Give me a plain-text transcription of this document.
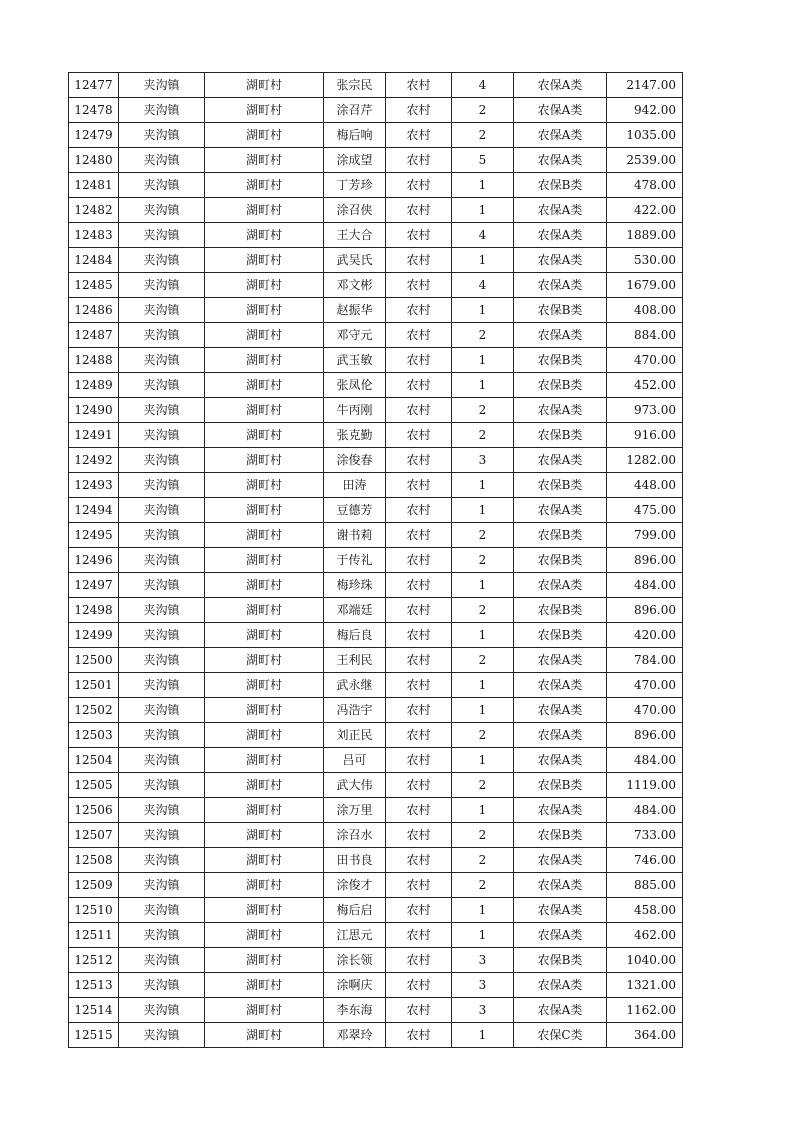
12477	夹沟镇	湖町村	张宗民	农村	4	农保A类	2147.00
12478	夹沟镇	湖町村	涂召芹	农村	2	农保A类	942.00
12479	夹沟镇	湖町村	梅后响	农村	2	农保A类	1035.00
12480	夹沟镇	湖町村	涂成望	农村	5	农保A类	2539.00
12481	夹沟镇	湖町村	丁芳珍	农村	1	农保B类	478.00
12482	夹沟镇	湖町村	涂召侠	农村	1	农保A类	422.00
12483	夹沟镇	湖町村	王大合	农村	4	农保A类	1889.00
12484	夹沟镇	湖町村	武吴氏	农村	1	农保A类	530.00
12485	夹沟镇	湖町村	邓文彬	农村	4	农保A类	1679.00
12486	夹沟镇	湖町村	赵振华	农村	1	农保B类	408.00
12487	夹沟镇	湖町村	邓守元	农村	2	农保A类	884.00
12488	夹沟镇	湖町村	武玉敏	农村	1	农保B类	470.00
12489	夹沟镇	湖町村	张凤伦	农村	1	农保B类	452.00
12490	夹沟镇	湖町村	牛丙刚	农村	2	农保A类	973.00
12491	夹沟镇	湖町村	张克勤	农村	2	农保B类	916.00
12492	夹沟镇	湖町村	涂俊春	农村	3	农保A类	1282.00
12493	夹沟镇	湖町村	田涛	农村	1	农保B类	448.00
12494	夹沟镇	湖町村	豆德芳	农村	1	农保A类	475.00
12495	夹沟镇	湖町村	谢书莉	农村	2	农保B类	799.00
12496	夹沟镇	湖町村	于传礼	农村	2	农保B类	896.00
12497	夹沟镇	湖町村	梅珍珠	农村	1	农保A类	484.00
12498	夹沟镇	湖町村	邓端廷	农村	2	农保B类	896.00
12499	夹沟镇	湖町村	梅后良	农村	1	农保B类	420.00
12500	夹沟镇	湖町村	王利民	农村	2	农保A类	784.00
12501	夹沟镇	湖町村	武永继	农村	1	农保A类	470.00
12502	夹沟镇	湖町村	冯浩宇	农村	1	农保A类	470.00
12503	夹沟镇	湖町村	刘正民	农村	2	农保A类	896.00
12504	夹沟镇	湖町村	吕可	农村	1	农保A类	484.00
12505	夹沟镇	湖町村	武大伟	农村	2	农保B类	1119.00
12506	夹沟镇	湖町村	涂万里	农村	1	农保A类	484.00
12507	夹沟镇	湖町村	涂召水	农村	2	农保B类	733.00
12508	夹沟镇	湖町村	田书良	农村	2	农保A类	746.00
12509	夹沟镇	湖町村	涂俊才	农村	2	农保A类	885.00
12510	夹沟镇	湖町村	梅后启	农村	1	农保A类	458.00
12511	夹沟镇	湖町村	江思元	农村	1	农保A类	462.00
12512	夹沟镇	湖町村	涂长领	农村	3	农保B类	1040.00
12513	夹沟镇	湖町村	涂啊庆	农村	3	农保A类	1321.00
12514	夹沟镇	湖町村	李东海	农村	3	农保A类	1162.00
12515	夹沟镇	湖町村	邓翠玲	农村	1	农保C类	364.00
